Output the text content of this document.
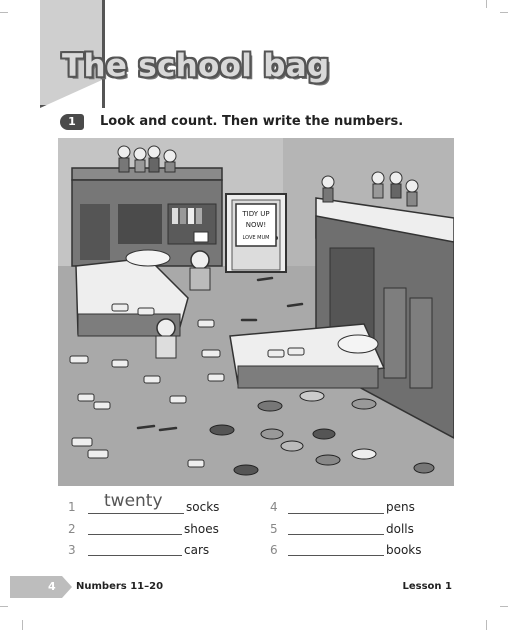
The school bag
1	Look and count. Then write the numbers.
TIDY UP
NOW!
LOVE MUM
1 twenty socks
2	shoes
3	cars
4	pens
5	dolls
6	books
4 Numbers 11–20	Lesson 1
